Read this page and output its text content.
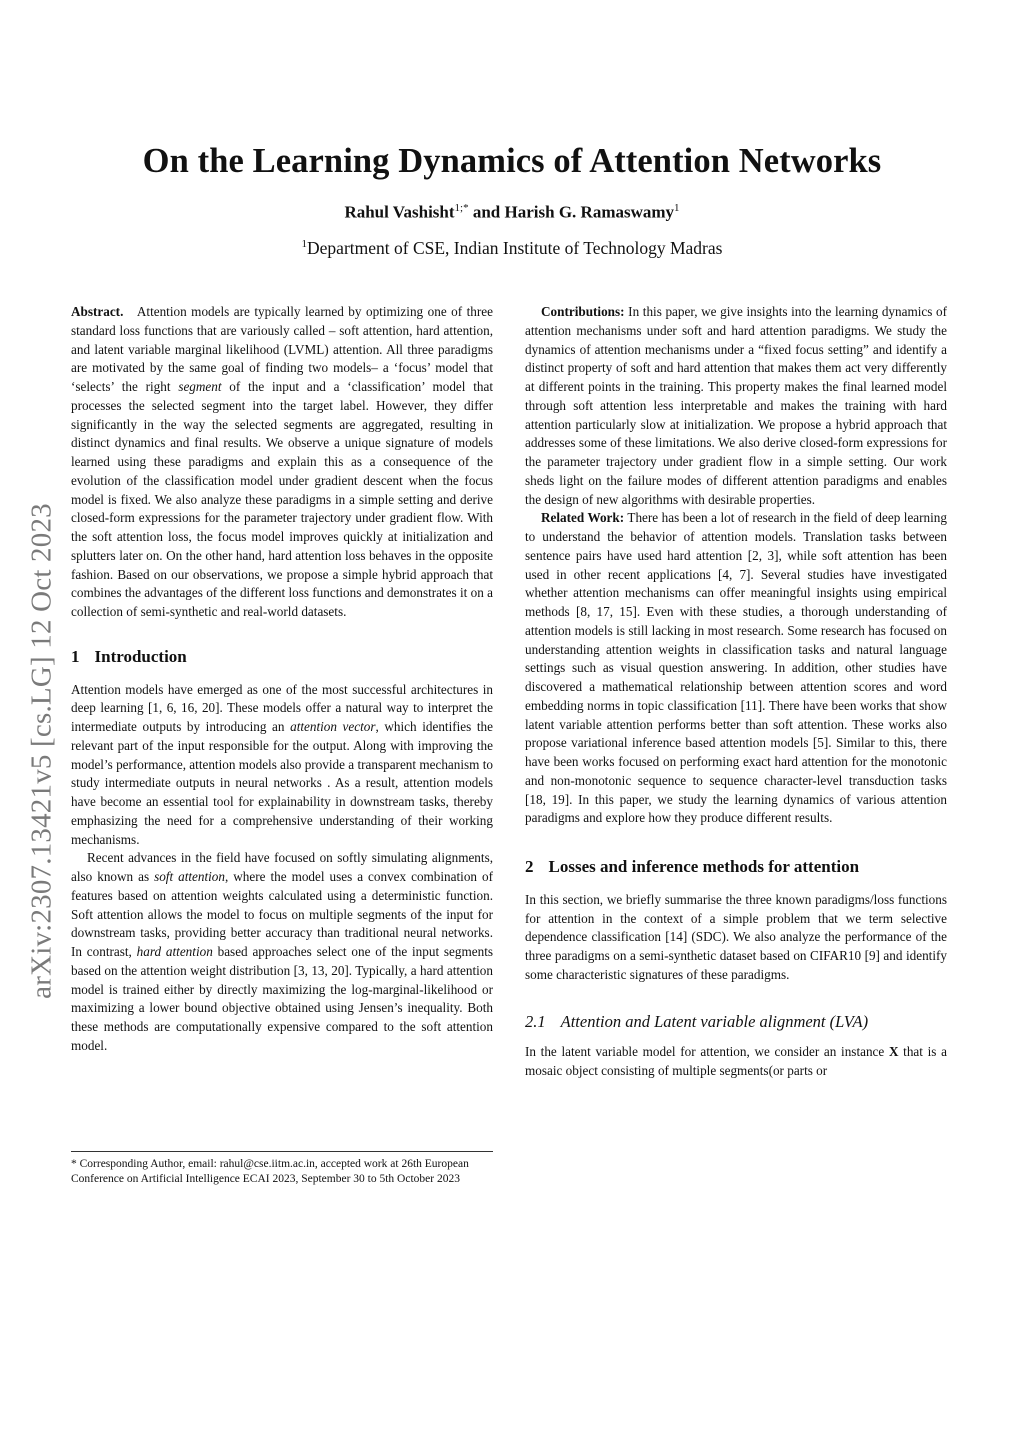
On the Learning Dynamics of Attention Networks
Rahul Vashisht$^{1;*}$ and Harish G. Ramaswamy$^1$
$^1$Department of CSE, Indian Institute of Technology Madras
arXiv:2307.13421v5 [cs.LG] 12 Oct 2023

Abstract. Attention models are typically learned by optimizing one of three standard loss functions that are variously called – soft attention, hard attention, and latent variable marginal likelihood (LVML) attention. All three paradigms are motivated by the same goal of finding two models– a ‘focus’ model that ‘selects’ the right segment of the input and a ‘classification’ model that processes the selected segment into the target label. However, they differ significantly in the way the selected segments are aggregated, resulting in distinct dynamics and final results. We observe a unique signature of models learned using these paradigms and explain this as a consequence of the evolution of the classification model under gradient descent when the focus model is fixed. We also analyze these paradigms in a simple setting and derive closed-form expressions for the parameter trajectory under gradient flow. With the soft attention loss, the focus model improves quickly at initialization and splutters later on. On the other hand, hard attention loss behaves in the opposite fashion. Based on our observations, we propose a simple hybrid approach that combines the advantages of the different loss functions and demonstrates it on a collection of semi-synthetic and real-world datasets.

1 Introduction

Attention models have emerged as one of the most successful architectures in deep learning [1, 6, 16, 20]. These models offer a natural way to interpret the intermediate outputs by introducing an attention vector, which identifies the relevant part of the input responsible for the output. Along with improving the model’s performance, attention models also provide a transparent mechanism to study intermediate outputs in neural networks . As a result, attention models have become an essential tool for explainability in downstream tasks, thereby emphasizing the need for a comprehensive understanding of their working mechanisms.

Recent advances in the field have focused on softly simulating alignments, also known as soft attention, where the model uses a convex combination of features based on attention weights calculated using a deterministic function. Soft attention allows the model to focus on multiple segments of the input for downstream tasks, providing better accuracy than traditional neural networks. In contrast, hard attention based approaches select one of the input segments based on the attention weight distribution [3, 13, 20]. Typically, a hard attention model is trained either by directly maximizing the log-marginal-likelihood or maximizing a lower bound objective obtained using Jensen’s inequality. Both these methods are computationally expensive compared to the soft attention model.

* Corresponding Author, email: rahul@cse.iitm.ac.in, accepted work at 26th European Conference on Artificial Intelligence ECAI 2023, September 30 to 5th October 2023

Contributions: In this paper, we give insights into the learning dynamics of attention mechanisms under soft and hard attention paradigms. We study the dynamics of attention mechanisms under a “fixed focus setting” and identify a distinct property of soft and hard attention that makes them act very differently at different points in the training. This property makes the final learned model through soft attention less interpretable and makes the training with hard attention particularly slow at initialization. We propose a hybrid approach that addresses some of these limitations. We also derive closed-form expressions for the parameter trajectory under gradient flow in a simple setting. Our work sheds light on the failure modes of different attention paradigms and enables the design of new algorithms with desirable properties.

Related Work: There has been a lot of research in the field of deep learning to understand the behavior of attention models. Translation tasks between sentence pairs have used hard attention [2, 3], while soft attention has been used in other recent applications [4, 7]. Several studies have investigated whether attention mechanisms can offer meaningful insights using empirical methods [8, 17, 15]. Even with these studies, a thorough understanding of attention models is still lacking in most research. Some research has focused on understanding attention weights in classification tasks and natural language settings such as visual question answering. In addition, other studies have discovered a mathematical relationship between attention scores and word embedding norms in topic classification [11]. There have been works that show latent variable attention performs better than soft attention. These works also propose variational inference based attention models [5]. Similar to this, there have been works focused on performing exact hard attention for the monotonic and non-monotonic sequence to sequence character-level transduction tasks [18, 19]. In this paper, we study the learning dynamics of various attention paradigms and explore how they produce different results.

2 Losses and inference methods for attention

In this section, we briefly summarise the three known paradigms/loss functions for attention in the context of a simple problem that we term selective dependence classification [14] (SDC). We also analyze the performance of the three paradigms on a semi-synthetic dataset based on CIFAR10 [9] and identify some characteristic signatures of these paradigms.

2.1 Attention and Latent variable alignment (LVA)

In the latent variable model for attention, we consider an instance X that is a mosaic object consisting of multiple segments(or parts or
